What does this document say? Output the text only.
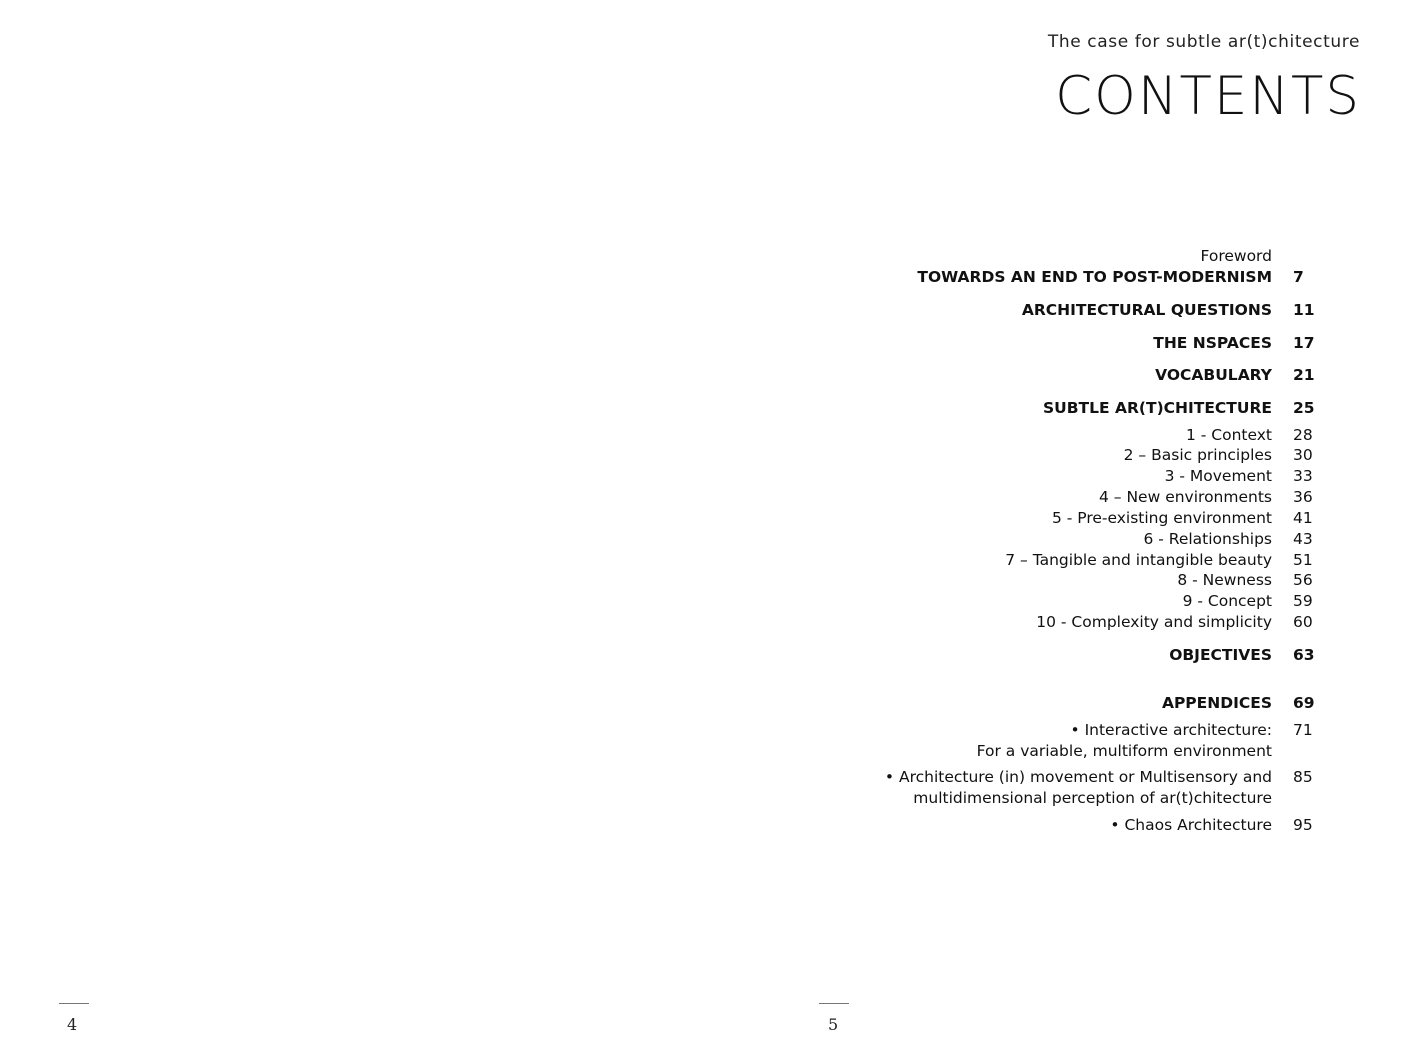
The case for subtle ar(t)chitecture
CONTENTS
Foreword
TOWARDS AN END TO POST-MODERNISM 7
ARCHITECTURAL QUESTIONS 11
THE NSPACES 17
VOCABULARY 21
SUBTLE AR(T)CHITECTURE 25
1 - Context 28
2 – Basic principles 30
3 - Movement 33
4 – New environments 36
5 - Pre-existing environment 41
6 - Relationships 43
7 – Tangible and intangible beauty 51
8 - Newness 56
9 - Concept 59
10 - Complexity and simplicity 60
OBJECTIVES 63
APPENDICES 69
• Interactive architecture: 71
For a variable, multiform environment
• Architecture (in) movement or Multisensory and 85
multidimensional perception of ar(t)chitecture
• Chaos Architecture 95
4	5
